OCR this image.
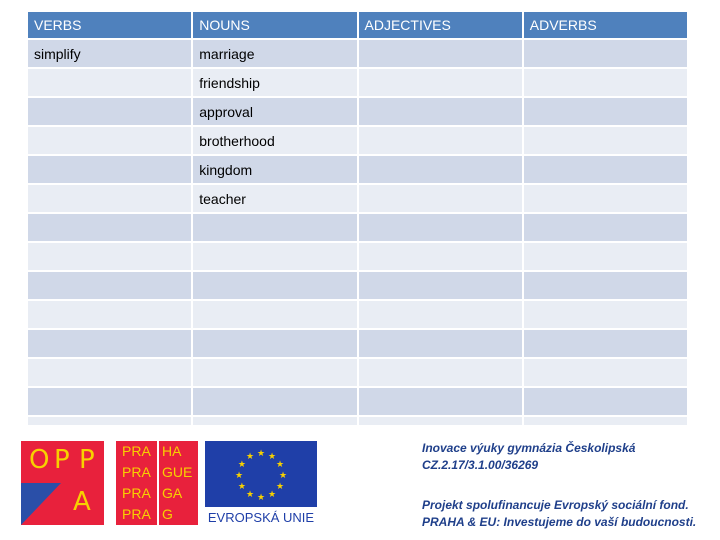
VERBS	NOUNS	ADJECTIVES	ADVERBS
simplify	marriage		
	friendship		
	approval		
	brotherhood		
	kingdom		
	teacher		

O P P
A
PRA
PRA
PRA
PRA
HA
GUE
GA
G
★ ★
★
★
★
★
★
★
★
★
★
★
EVROPSKÁ UNIE
Inovace výuky gymnázia Českolipská
CZ.2.17/3.1.00/36269
Projekt spolufinancuje Evropský sociální fond.
PRAHA & EU: Investujeme do vaší budoucnosti.
